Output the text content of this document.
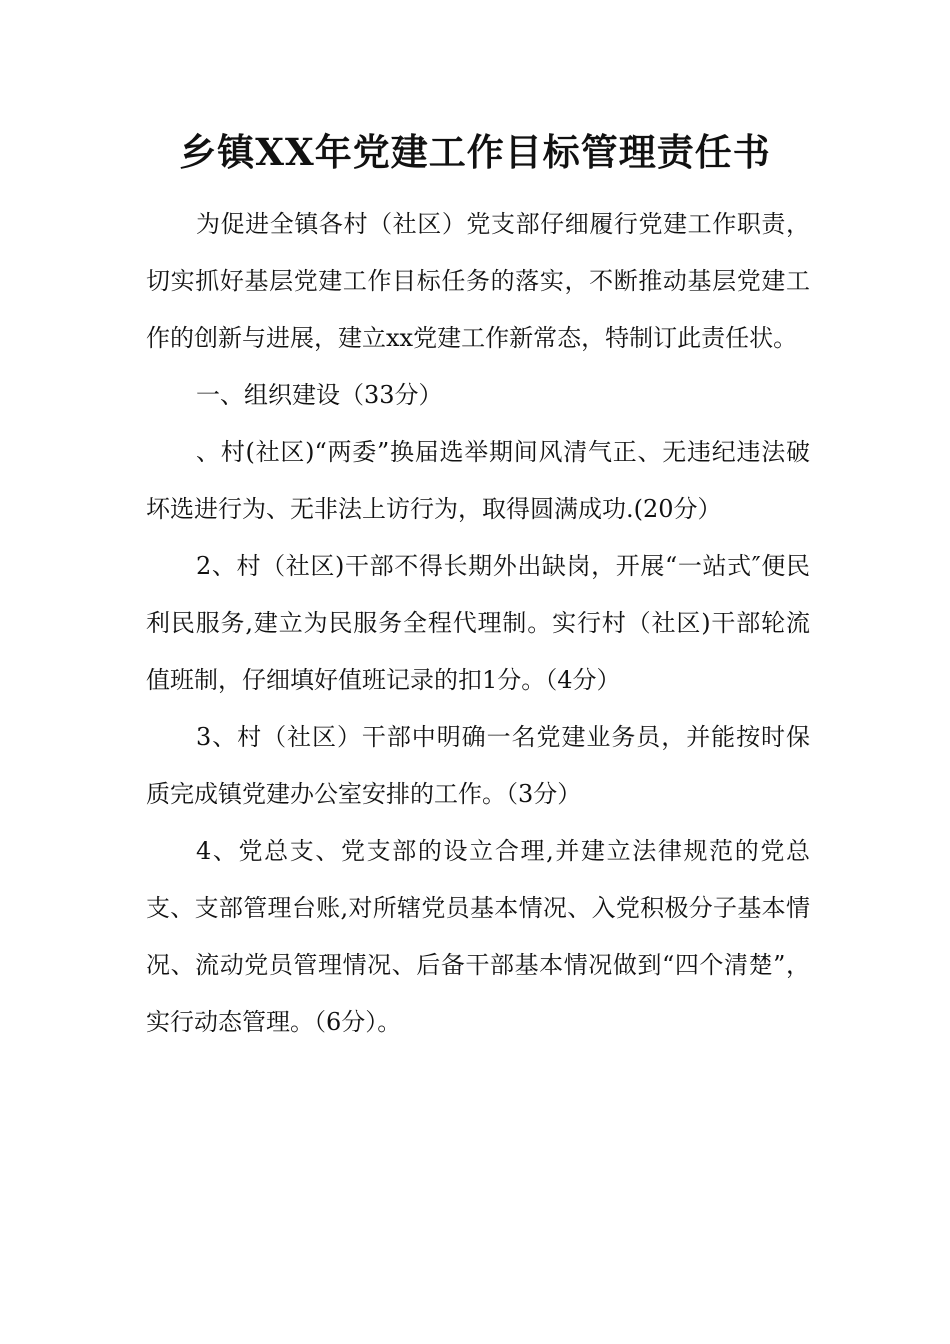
乡镇XX年党建工作目标管理责任书

为促进全镇各村（社区）党支部仔细履行党建工作职责，切实抓好基层党建工作目标任务的落实，不断推动基层党建工作的创新与进展，建立xx党建工作新常态，特制订此责任状。

一、组织建设（33分）

、村(社区)“两委”换届选举期间风清气正、无违纪违法破坏选进行为、无非法上访行为，取得圆满成功.(20分）

2、村（社区)干部不得长期外出缺岗，开展“一站式″便民利民服务,建立为民服务全程代理制。实行村（社区)干部轮流值班制，仔细填好值班记录的扣1分。（4分）

3、村（社区）干部中明确一名党建业务员，并能按时保质完成镇党建办公室安排的工作。（3分）

4、党总支、党支部的设立合理,并建立法律规范的党总支、支部管理台账,对所辖党员基本情况、入党积极分子基本情况、流动党员管理情况、后备干部基本情况做到“四个清楚”，实行动态管理。（6分）。
